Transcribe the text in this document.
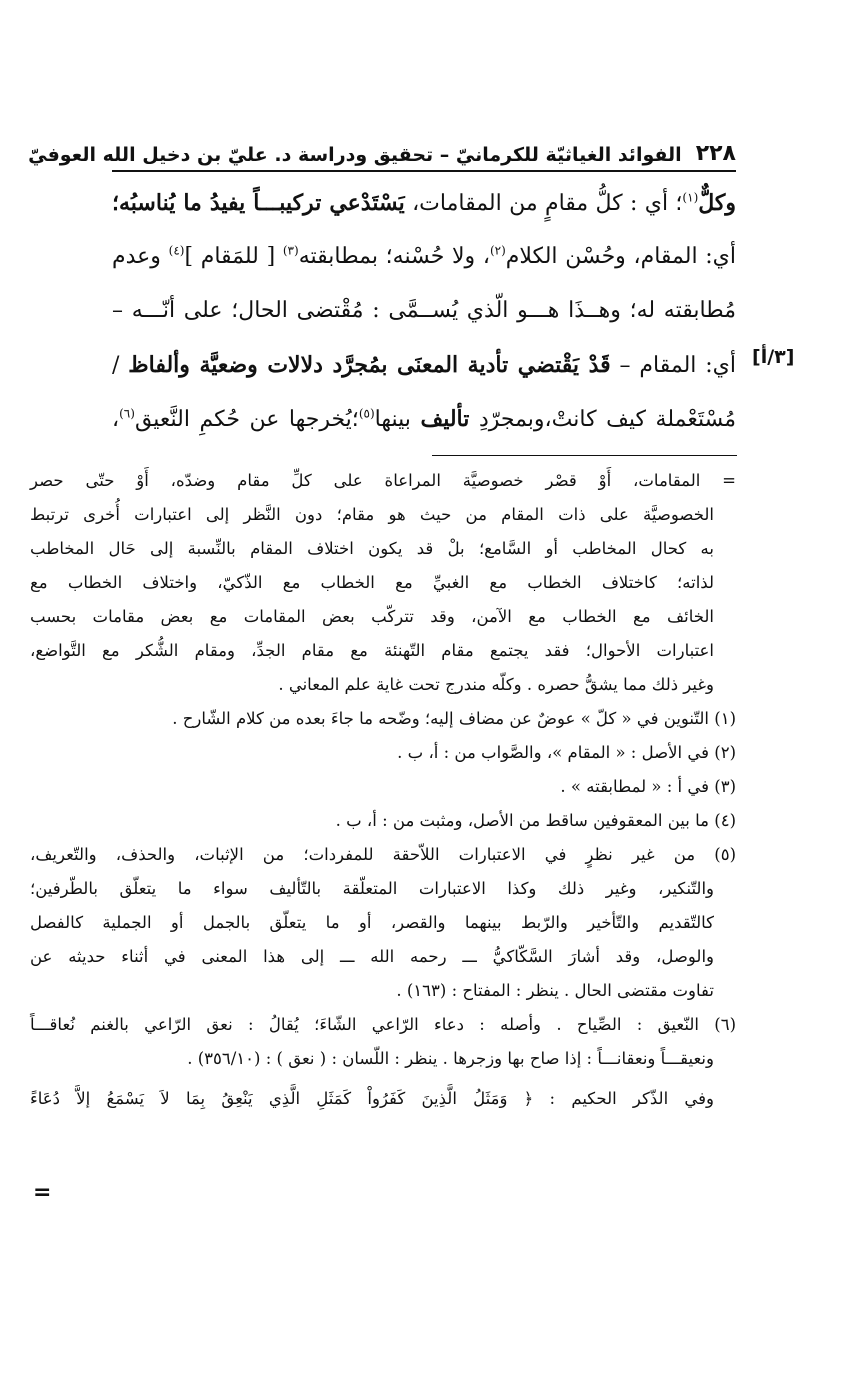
٢٢٨
الفوائد الغياثيّة للكرمانيّ – تحقيق ودراسة د. عليّ بن دخيل الله العوفيّ
[٣/أ]
وكلٌّ$^{(١)}$؛ أي : كلُّ مقامٍ من المقامات، يَسْتَدْعي تركيبـــاً يفيدُ ما يُناسبُه؛
أي: المقام، وحُسْن الكلام$^{(٢)}$، ولا حُسْنه؛ بمطابقته$^{(٣)}$ [ للمَقام ]$^{(٤)}$ وعدم
مُطابقته له؛ وهــذَا هـــو الّذي يُســمَّى : مُقْتضى الحال؛ على أنّـــه –
أي: المقام – قَدْ يَقْتضي تأدية المعنَى بمُجرَّد دلالات وضعيَّة وألفاظ /
مُسْتَعْملة كيف كانتْ،وبمجرّدِ تأليف بينها$^{(٥)}$؛يُخرجها عن حُكمِ النَّعيق$^{(٦)}$،
= المقامات، أَوْ قصْر خصوصيَّة المراعاة على كلِّ مقام وضدّه، أَوْ حتّى حصر
الخصوصيَّة على ذات المقام من حيث هو مقام؛ دون النَّظر إلى اعتبارات أُخرى ترتبط
به كحال المخاطب أو السَّامع؛ بلْ قد يكون اختلاف المقام بالنِّسبة إلى حَال المخاطب
لذاته؛ كاختلاف الخطاب مع الغبيِّ مع الخطاب مع الذّكيّ، واختلاف الخطاب مع
الخائف مع الخطاب مع الآمن، وقد تتركّب بعض المقامات مع بعض مقامات بحسب
اعتبارات الأحوال؛ فقد يجتمع مقام التّهنئة مع مقام الجدِّ، ومقام الشُّكر مع التَّواضع،
وغير ذلك مما يشقُّ حصره . وكلّه مندرج تحت غاية علم المعاني .
(١) التّنوين في « كلّ » عوضٌ عن مضاف إليه؛ وضّحه ما جاءَ بعده من كلام الشّارح .
(٢) في الأصل : « المقام »، والصَّواب من : أ، ب .
(٣) في أ : « لمطابقته » .
(٤) ما بين المعقوفين ساقط من الأصل، ومثبت من : أ، ب .
(٥) من غير نظرٍ في الاعتبارات اللاّحقة للمفردات؛ من الإثبات، والحذف، والتّعريف،
والتّنكير، وغير ذلك وكذا الاعتبارات المتعلّقة بالتّأليف سواء ما يتعلّق بالطّرفين؛
كالتّقديم والتّأخير والرّبط بينهما والقصر، أو ما يتعلّق بالجمل أو الجملية كالفصل
والوصل، وقد أشارَ السَّكّاكيُّ ـــ رحمه الله ـــ إلى هذا المعنى في أثناء حديثه عن
تفاوت مقتضى الحال . ينظر : المفتاح : (١٦٣) .
(٦) النّعيق : الصِّياح . وأصله : دعاء الرّاعي الشّاءَ؛ يُقالُ : نعق الرّاعي بالغنم نُعاقـــاً
ونعيقـــاً ونعقانـــاً : إذا صاح بها وزجرها . ينظر : اللّسان : ( نعق ) : (٣٥٦/١٠) .
وفي الذّكر الحكيم : ﴿ وَمَثَلُ الَّذِينَ كَفَرُواْ كَمَثَلِ الَّذِي يَنْعِقُ بِمَا لاَ يَسْمَعُ إلاَّ دُعَاءً
=
